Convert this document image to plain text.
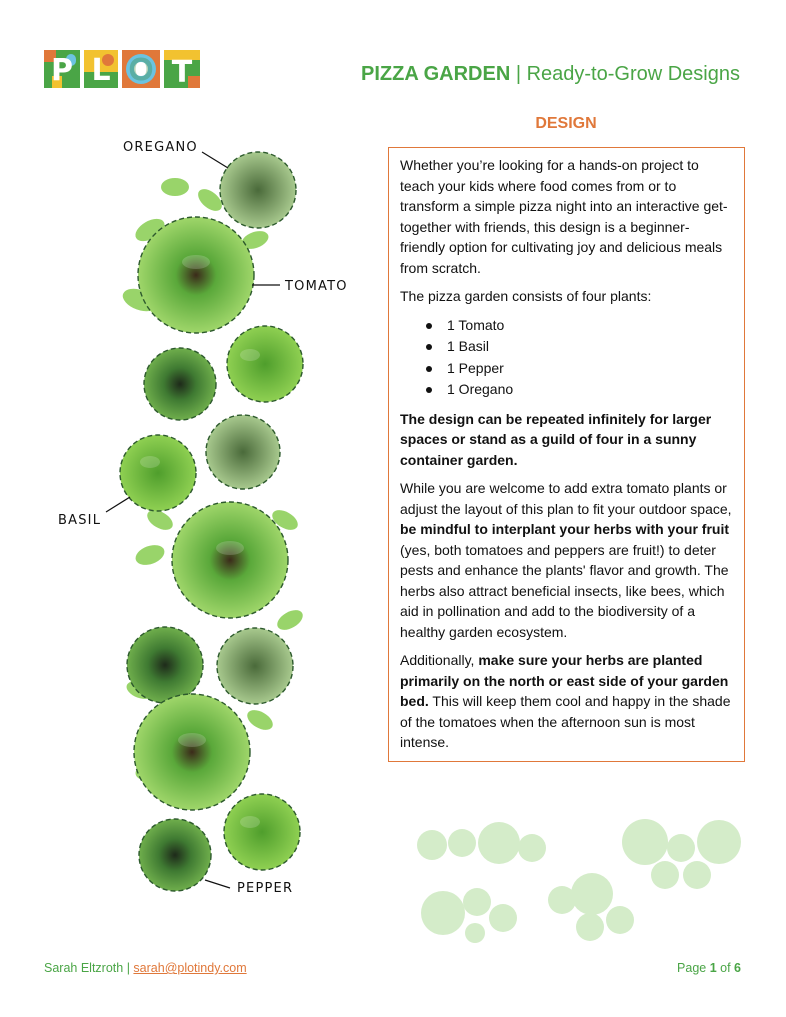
P L O T	PIZZA GARDEN | Ready-to-Grow Designs
DESIGN

Whether you’re looking for a hands-on project to teach your kids where food comes from or to transform a simple pizza night into an interactive get-together with friends, this design is a beginner-friendly option for cultivating joy and delicious meals from scratch.

The pizza garden consists of four plants:

1 Tomato
1 Basil
1 Pepper
1 Oregano

The design can be repeated infinitely for larger spaces or stand as a guild of four in a sunny container garden.

While you are welcome to add extra tomato plants or adjust the layout of this plan to fit your outdoor space, be mindful to interplant your herbs with your fruit (yes, both tomatoes and peppers are fruit!) to deter pests and enhance the plants' flavor and growth. The herbs also attract beneficial insects, like bees, which aid in pollination and add to the biodiversity of a healthy garden ecosystem.

Additionally, make sure your herbs are planted primarily on the north or east side of your garden bed. This will keep them cool and happy in the shade of the tomatoes when the afternoon sun is most intense.

OREGANO
TOMATO
BASIL
PEPPER
Sarah Eltzroth | sarah@plotindy.com	Page 1 of 6
